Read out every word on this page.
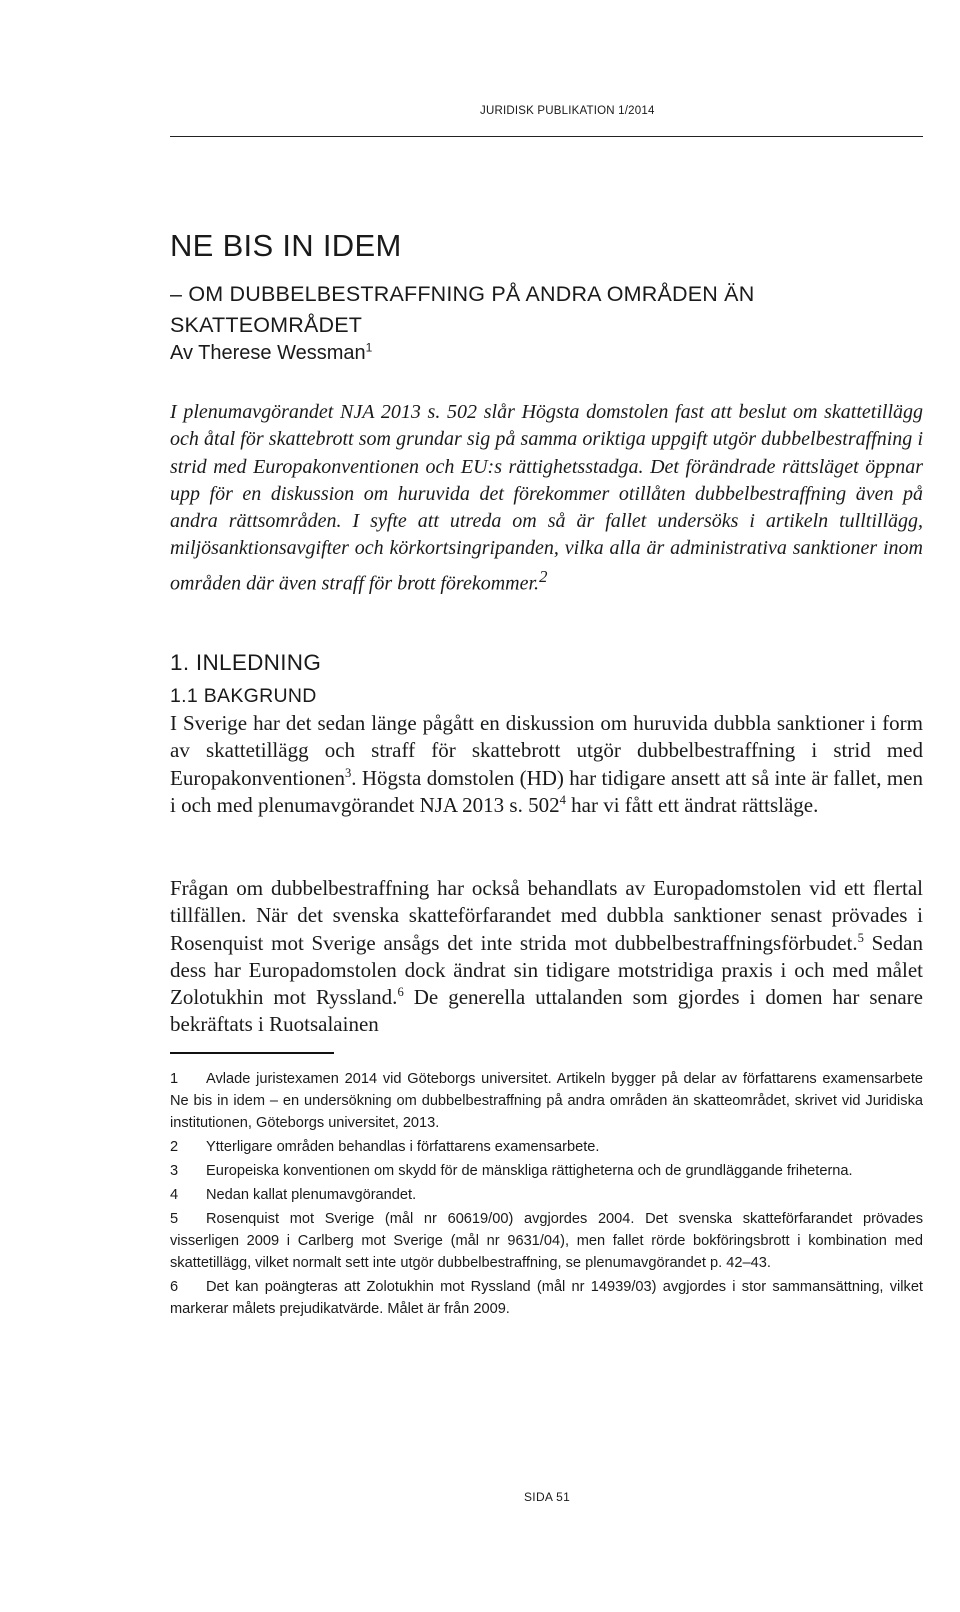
JURIDISK PUBLIKATION 1/2014
NE BIS IN IDEM
– OM DUBBELBESTRAFFNING PÅ ANDRA OMRÅDEN ÄN SKATTEOMRÅDET
Av Therese Wessman$^1$

I plenumavgörandet NJA 2013 s. 502 slår Högsta domstolen fast att beslut om skattetillägg och åtal för skattebrott som grundar sig på samma oriktiga uppgift utgör dubbelbestraffning i strid med Europakonventionen och EU:s rättighetsstadga. Det förändrade rättsläget öppnar upp för en diskussion om huruvida det förekommer otillåten dubbelbestraffning även på andra rättsområden. I syfte att utreda om så är fallet undersöks i artikeln tulltillägg, miljösanktionsavgifter och körkortsingripanden, vilka alla är administrativa sanktioner inom områden där även straff för brott förekommer.$^2$

1. INLEDNING
1.1 BAKGRUND

I Sverige har det sedan länge pågått en diskussion om huruvida dubbla sanktioner i form av skattetillägg och straff för skattebrott utgör dubbelbestraffning i strid med Europakonventionen$^3$. Högsta domstolen (HD) har tidigare ansett att så inte är fallet, men i och med plenumavgörandet NJA 2013 s. $502^4$ har vi fått ett ändrat rättsläge.

Frågan om dubbelbestraffning har också behandlats av Europadomstolen vid ett flertal tillfällen. När det svenska skatteförfarandet med dubbla sanktioner senast prövades i Rosenquist mot Sverige ansågs det inte strida mot dubbelbestraffningsförbudet.$^5$ Sedan dess har Europadomstolen dock ändrat sin tidigare motstridiga praxis i och med målet Zolotukhin mot Ryssland.$^6$ De generella uttalanden som gjordes i domen har senare bekräftats i Ruotsalainen

1 Avlade juristexamen 2014 vid Göteborgs universitet. Artikeln bygger på delar av författarens examensarbete Ne bis in idem – en undersökning om dubbelbestraffning på andra områden än skatteområdet, skrivet vid Juridiska institutionen, Göteborgs universitet, 2013.

2 Ytterligare områden behandlas i författarens examensarbete.

3 Europeiska konventionen om skydd för de mänskliga rättigheterna och de grundläggande friheterna.

4 Nedan kallat plenumavgörandet.

5 Rosenquist mot Sverige (mål nr 60619/00) avgjordes 2004. Det svenska skatteförfarandet prövades visserligen 2009 i Carlberg mot Sverige (mål nr 9631/04), men fallet rörde bokföringsbrott i kombination med skattetillägg, vilket normalt sett inte utgör dubbelbestraffning, se plenumavgörandet p. 42–43.

6 Det kan poängteras att Zolotukhin mot Ryssland (mål nr 14939/03) avgjordes i stor sammansättning, vilket markerar målets prejudikatvärde. Målet är från 2009.

SIDA 51
